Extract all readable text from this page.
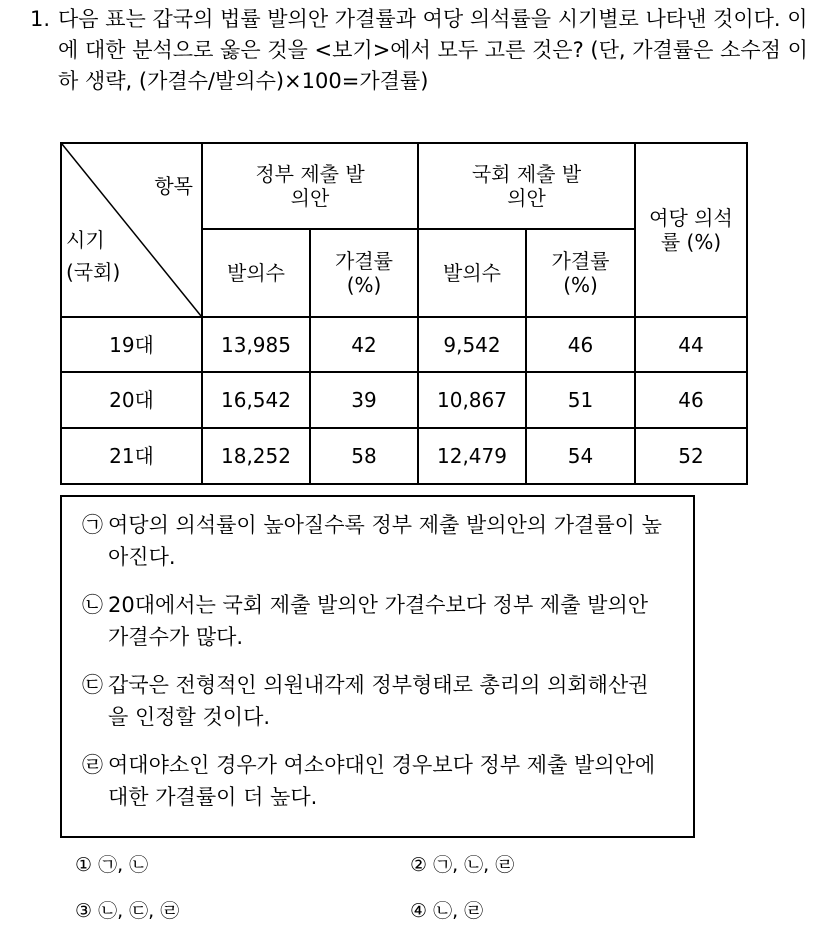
1. 다음 표는 갑국의 법률 발의안 가결률과 여당 의석률을 시기별로 나타낸 것이다. 이에 대한 분석으로 옳은 것을 <보기>에서 모두 고른 것은? (단, 가결률은 소수점 이하 생략, (가결수/발의수)×100=가결률)
항목
시기
(국회)	정부 제출 발의안		국회 제출 발의안		여당 의석률 (%)
	발의수	가결률 (%)	발의수	가결률 (%)	
19대	13,985	42	9,542	46	44
20대	16,542	39	10,867	51	46
21대	18,252	58	12,479	54	52
㉠ 여당의 의석률이 높아질수록 정부 제출 발의안의 가결률이 높아진다.
㉡ 20대에서는 국회 제출 발의안 가결수보다 정부 제출 발의안 가결수가 많다.
㉢ 갑국은 전형적인 의원내각제 정부형태로 총리의 의회해산권을 인정할 것이다.
㉣ 여대야소인 경우가 여소야대인 경우보다 정부 제출 발의안에 대한 가결률이 더 높다.
① ㉠, ㉡	② ㉠, ㉡, ㉣
③ ㉡, ㉢, ㉣	④ ㉡, ㉣
